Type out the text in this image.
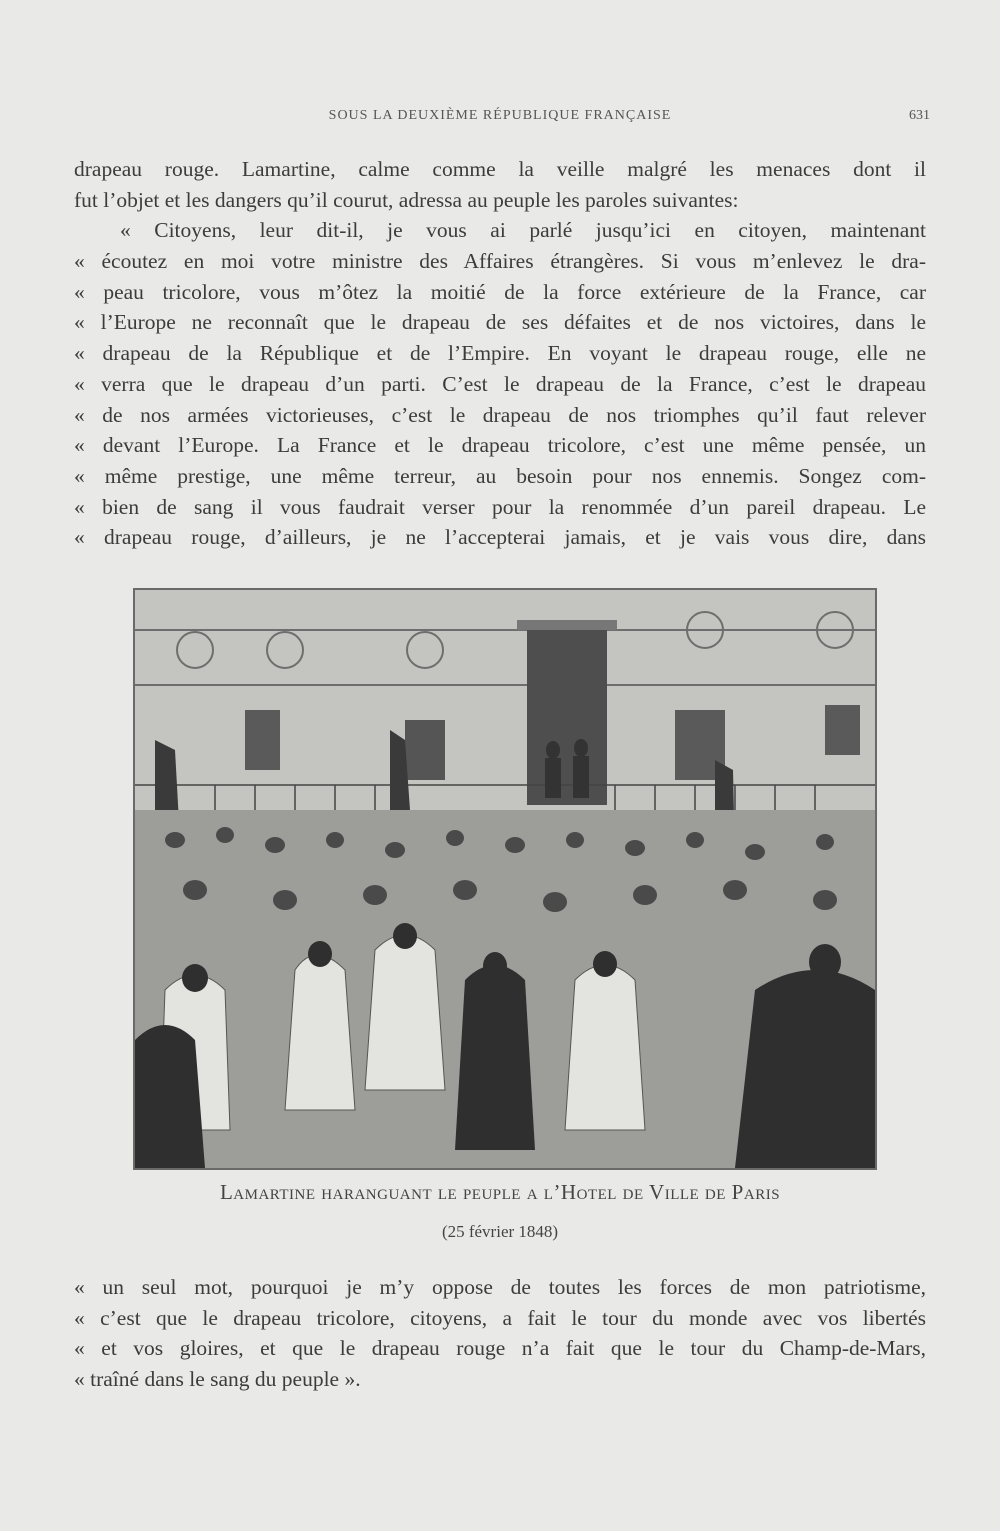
SOUS LA DEUXIÈME RÉPUBLIQUE FRANÇAISE	631
drapeau rouge. Lamartine, calme comme la veille malgré les menaces dont il
fut l’objet et les dangers qu’il courut, adressa au peuple les paroles suivantes:
« Citoyens, leur dit-il, je vous ai parlé jusqu’ici en citoyen, maintenant
« écoutez en moi votre ministre des Affaires étrangères. Si vous m’enlevez le dra-
« peau tricolore, vous m’ôtez la moitié de la force extérieure de la France, car
« l’Europe ne reconnaît que le drapeau de ses défaites et de nos victoires, dans le
« drapeau de la République et de l’Empire. En voyant le drapeau rouge, elle ne
« verra que le drapeau d’un parti. C’est le drapeau de la France, c’est le drapeau
« de nos armées victorieuses, c’est le drapeau de nos triomphes qu’il faut relever
« devant l’Europe. La France et le drapeau tricolore, c’est une même pensée, un
« même prestige, une même terreur, au besoin pour nos ennemis. Songez com-
« bien de sang il vous faudrait verser pour la renommée d’un pareil drapeau. Le
« drapeau rouge, d’ailleurs, je ne l’accepterai jamais, et je vais vous dire, dans
Lamartine haranguant le peuple a l’Hotel de Ville de Paris
(25 février 1848)
« un seul mot, pourquoi je m’y oppose de toutes les forces de mon patriotisme,
« c’est que le drapeau tricolore, citoyens, a fait le tour du monde avec vos libertés
« et vos gloires, et que le drapeau rouge n’a fait que le tour du Champ-de-Mars,
« traîné dans le sang du peuple ».
